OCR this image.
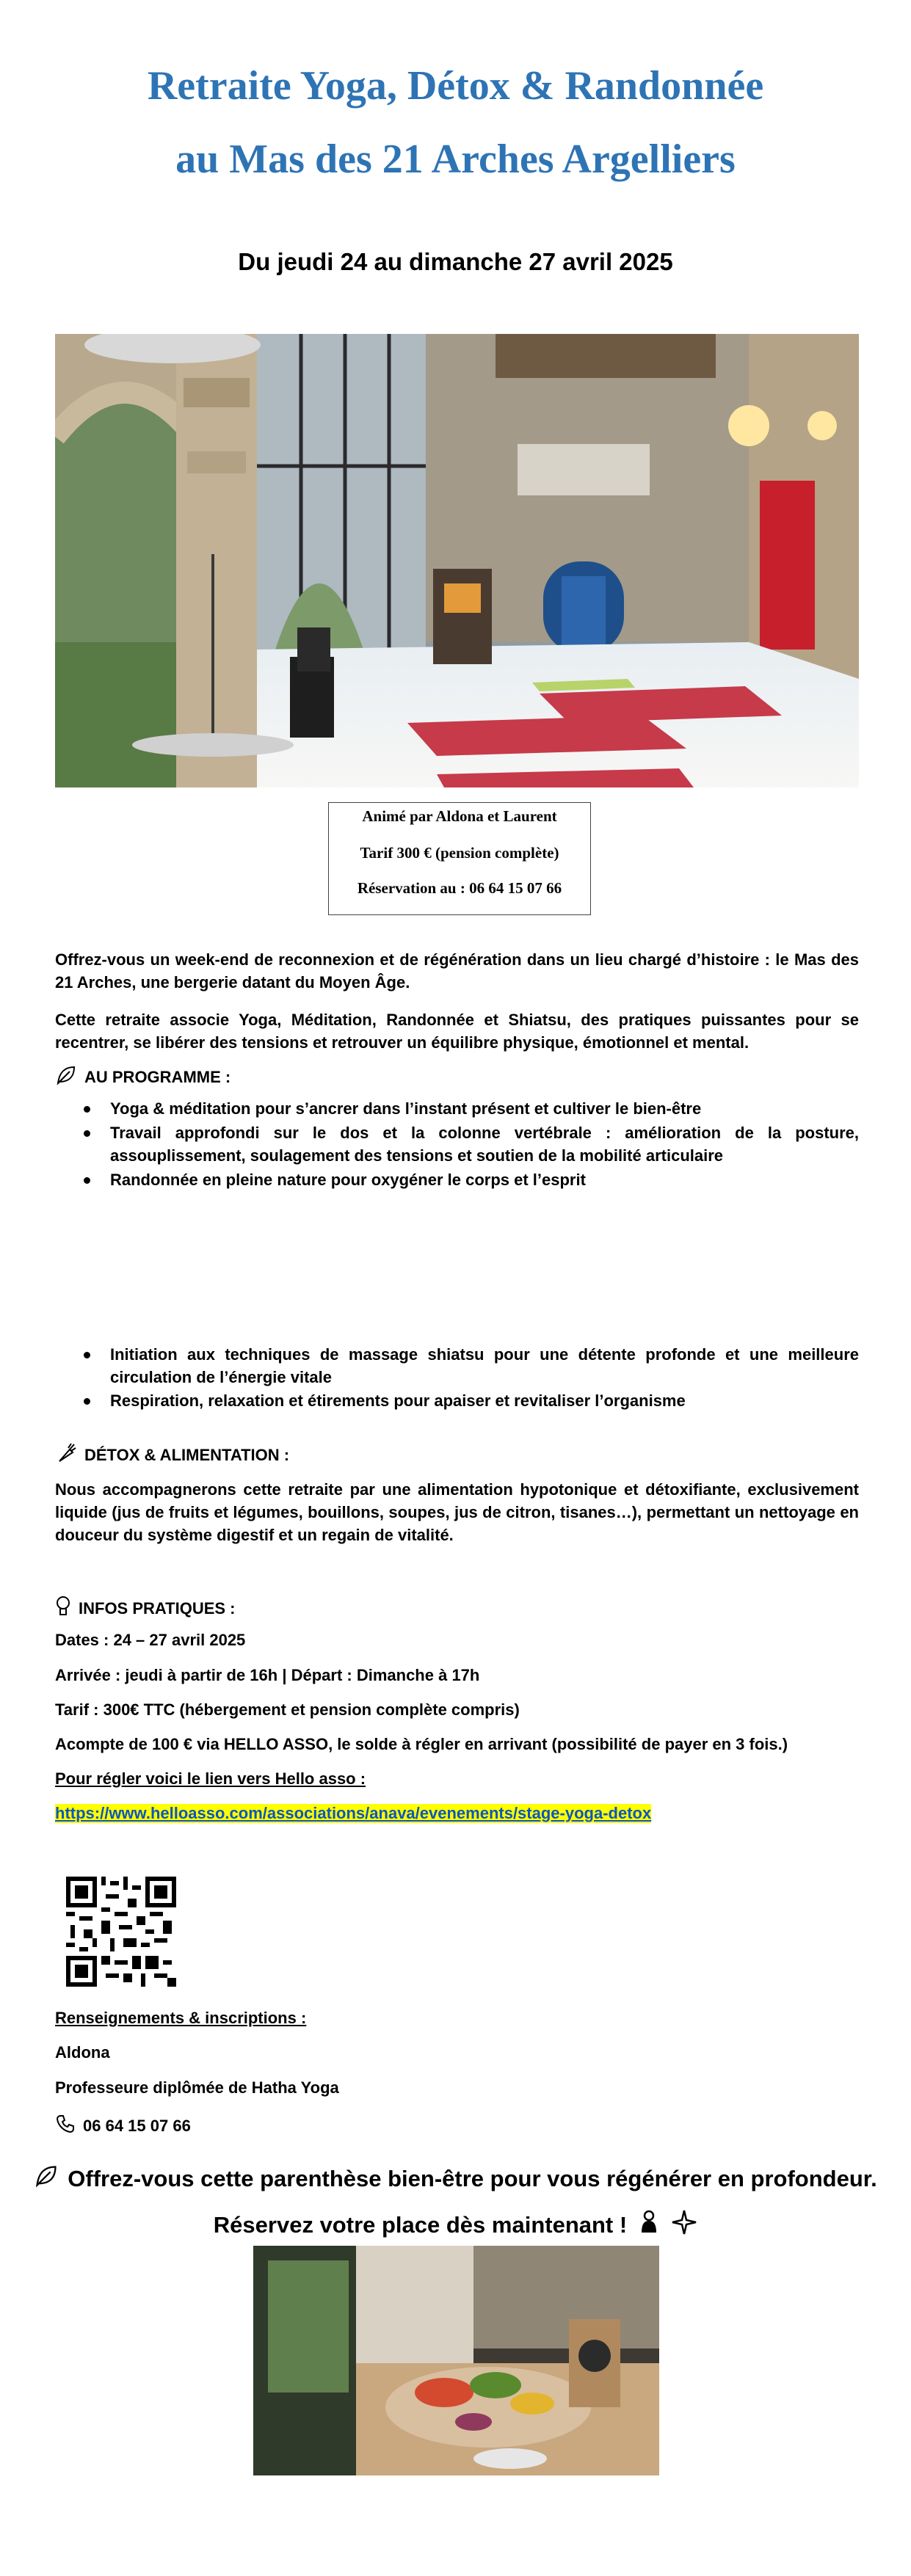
Retraite Yoga, Détox & Randonnée
au Mas des 21 Arches Argelliers
Du jeudi 24 au dimanche 27 avril 2025
Animé par Aldona et Laurent
Tarif 300 € (pension complète)
Réservation au : 06 64 15 07 66
Offrez-vous un week-end de reconnexion et de régénération dans un lieu chargé d’histoire : le Mas des 21 Arches, une bergerie datant du Moyen Âge.
Cette retraite associe Yoga, Méditation, Randonnée et Shiatsu, des pratiques puissantes pour se recentrer, se libérer des tensions et retrouver un équilibre physique, émotionnel et mental.
AU PROGRAMME :
Yoga & méditation pour s’ancrer dans l’instant présent et cultiver le bien-être
Travail approfondi sur le dos et la colonne vertébrale : amélioration de la posture, assouplissement, soulagement des tensions et soutien de la mobilité articulaire
Randonnée en pleine nature pour oxygéner le corps et l’esprit
Initiation aux techniques de massage shiatsu pour une détente profonde et une meilleure circulation de l’énergie vitale
Respiration, relaxation et étirements pour apaiser et revitaliser l’organisme
DÉTOX & ALIMENTATION :
Nous accompagnerons cette retraite par une alimentation hypotonique et détoxifiante, exclusivement liquide (jus de fruits et légumes, bouillons, soupes, jus de citron, tisanes…), permettant un nettoyage en douceur du système digestif et un regain de vitalité.
INFOS PRATIQUES :
Dates : 24 – 27 avril 2025
Arrivée : jeudi à partir de 16h | Départ : Dimanche à 17h
Tarif : 300€ TTC (hébergement et pension complète compris)
Acompte de 100 € via HELLO ASSO, le solde à régler en arrivant (possibilité de payer en 3 fois.)
Pour régler voici le lien vers Hello asso :
https://www.helloasso.com/associations/anava/evenements/stage-yoga-detox
Renseignements & inscriptions :
Aldona
Professeure diplômée de Hatha Yoga
06 64 15 07 66
Offrez-vous cette parenthèse bien-être pour vous régénérer en profondeur.
Réservez votre place dès maintenant !
